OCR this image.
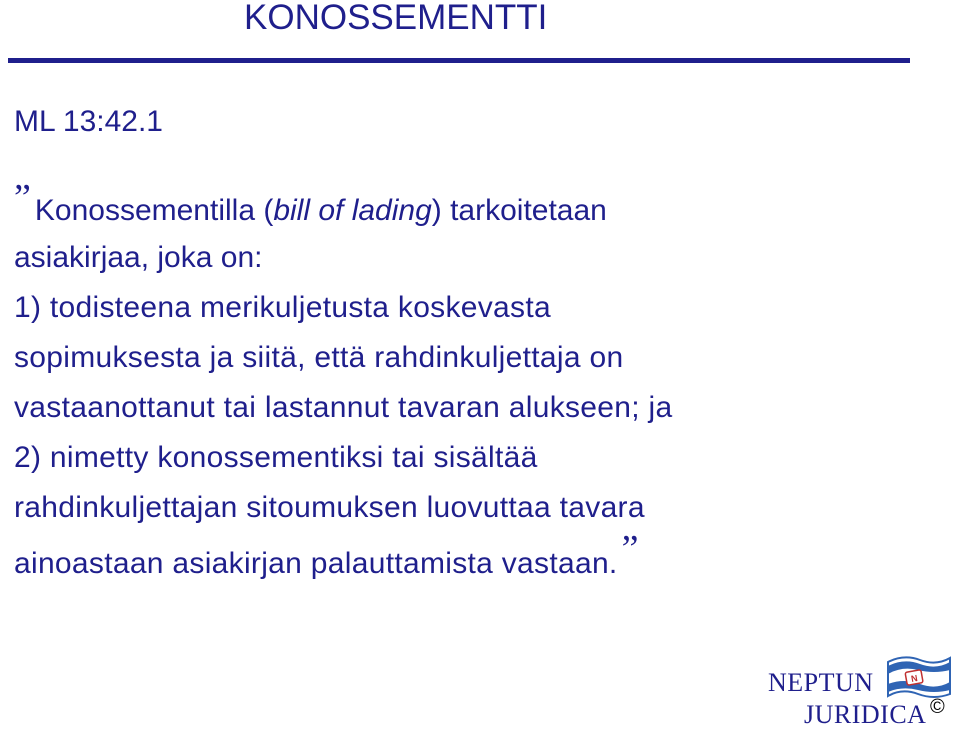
KONOSSEMENTTI
ML 13:42.1
” Konossementilla (bill of lading) tarkoitetaan
asiakirjaa, joka on:
1) todisteena merikuljetusta koskevasta
sopimuksesta ja siitä, että rahdinkuljettaja on
vastaanottanut tai lastannut tavaran alukseen; ja
2) nimetty konossementiksi tai sisältää
rahdinkuljettajan sitoumuksen luovuttaa tavara
ainoastaan asiakirjan palauttamista vastaan. ”
N
NEPTUN
JURIDICA ©
